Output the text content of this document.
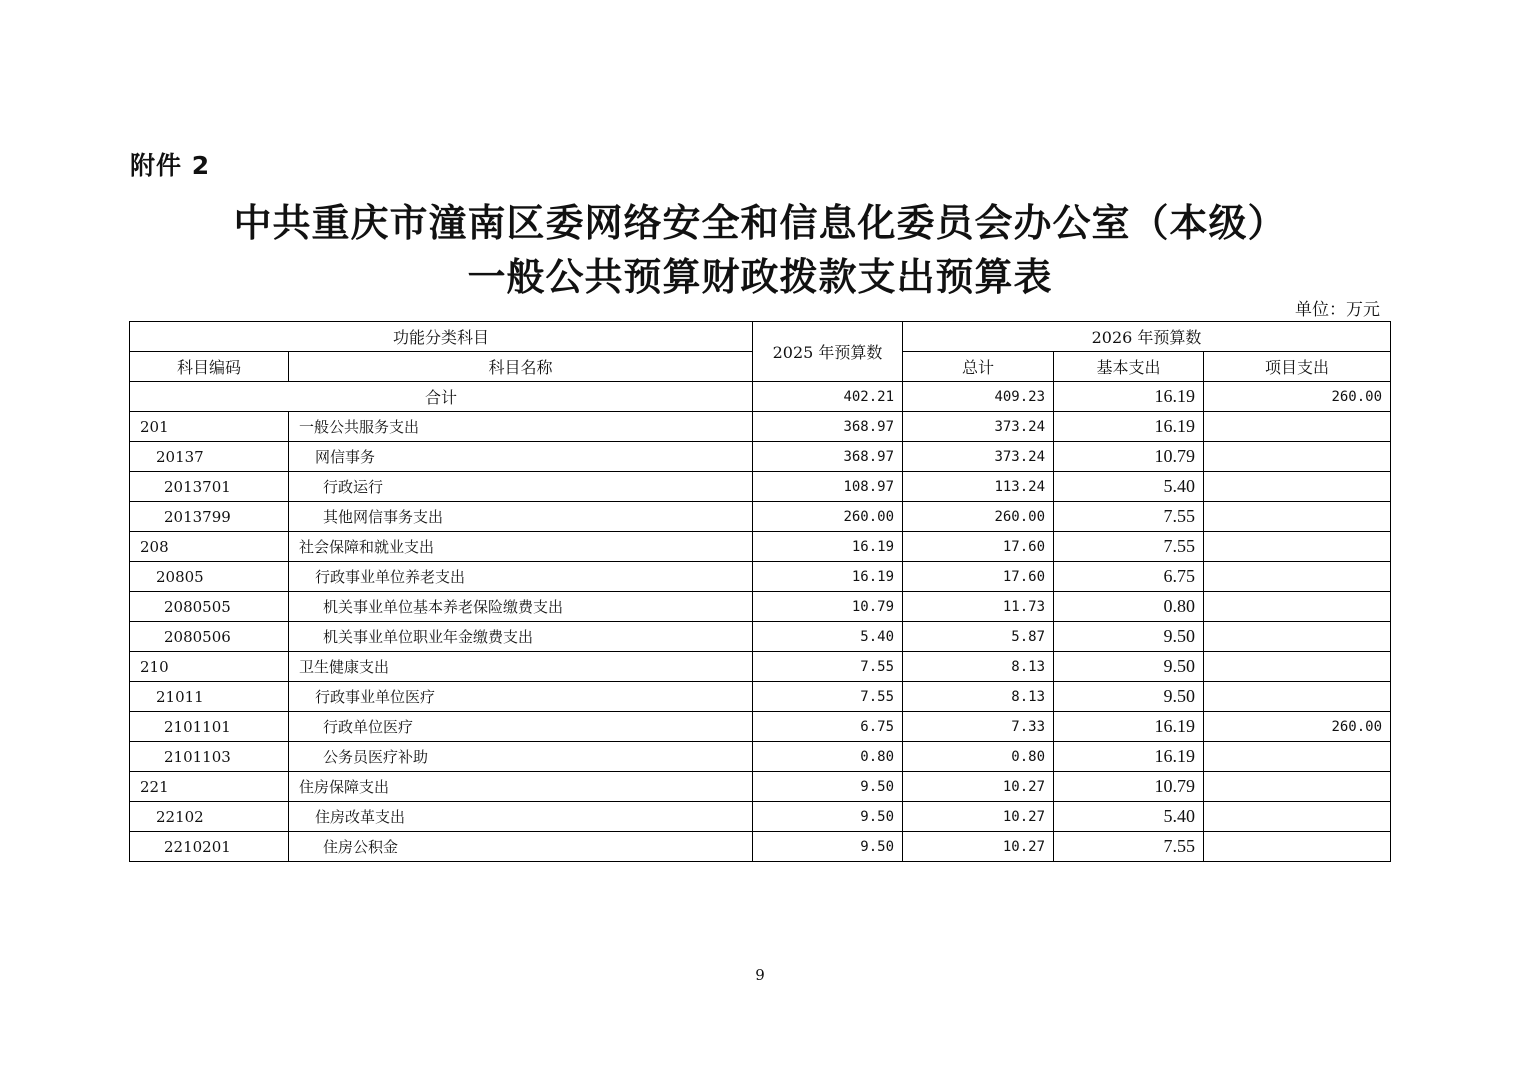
附件 2
中共重庆市潼南区委网络安全和信息化委员会办公室（本级）
一般公共预算财政拨款支出预算表
单位：万元
功能分类科目		2025 年预算数	2026 年预算数		
科目编码	科目名称		总计	基本支出	项目支出
合计		402.21	409.23	16.19	260.00
201	一般公共服务支出	368.97	373.24	16.19	
20137	网信事务	368.97	373.24	10.79	
2013701	行政运行	108.97	113.24	5.40	
2013799	其他网信事务支出	260.00	260.00	7.55	
208	社会保障和就业支出	16.19	17.60	7.55	
20805	行政事业单位养老支出	16.19	17.60	6.75	
2080505	机关事业单位基本养老保险缴费支出	10.79	11.73	0.80	
2080506	机关事业单位职业年金缴费支出	5.40	5.87	9.50	
210	卫生健康支出	7.55	8.13	9.50	
21011	行政事业单位医疗	7.55	8.13	9.50	
2101101	行政单位医疗	6.75	7.33	16.19	260.00
2101103	公务员医疗补助	0.80	0.80	16.19	
221	住房保障支出	9.50	10.27	10.79	
22102	住房改革支出	9.50	10.27	5.40	
2210201	住房公积金	9.50	10.27	7.55	
9
